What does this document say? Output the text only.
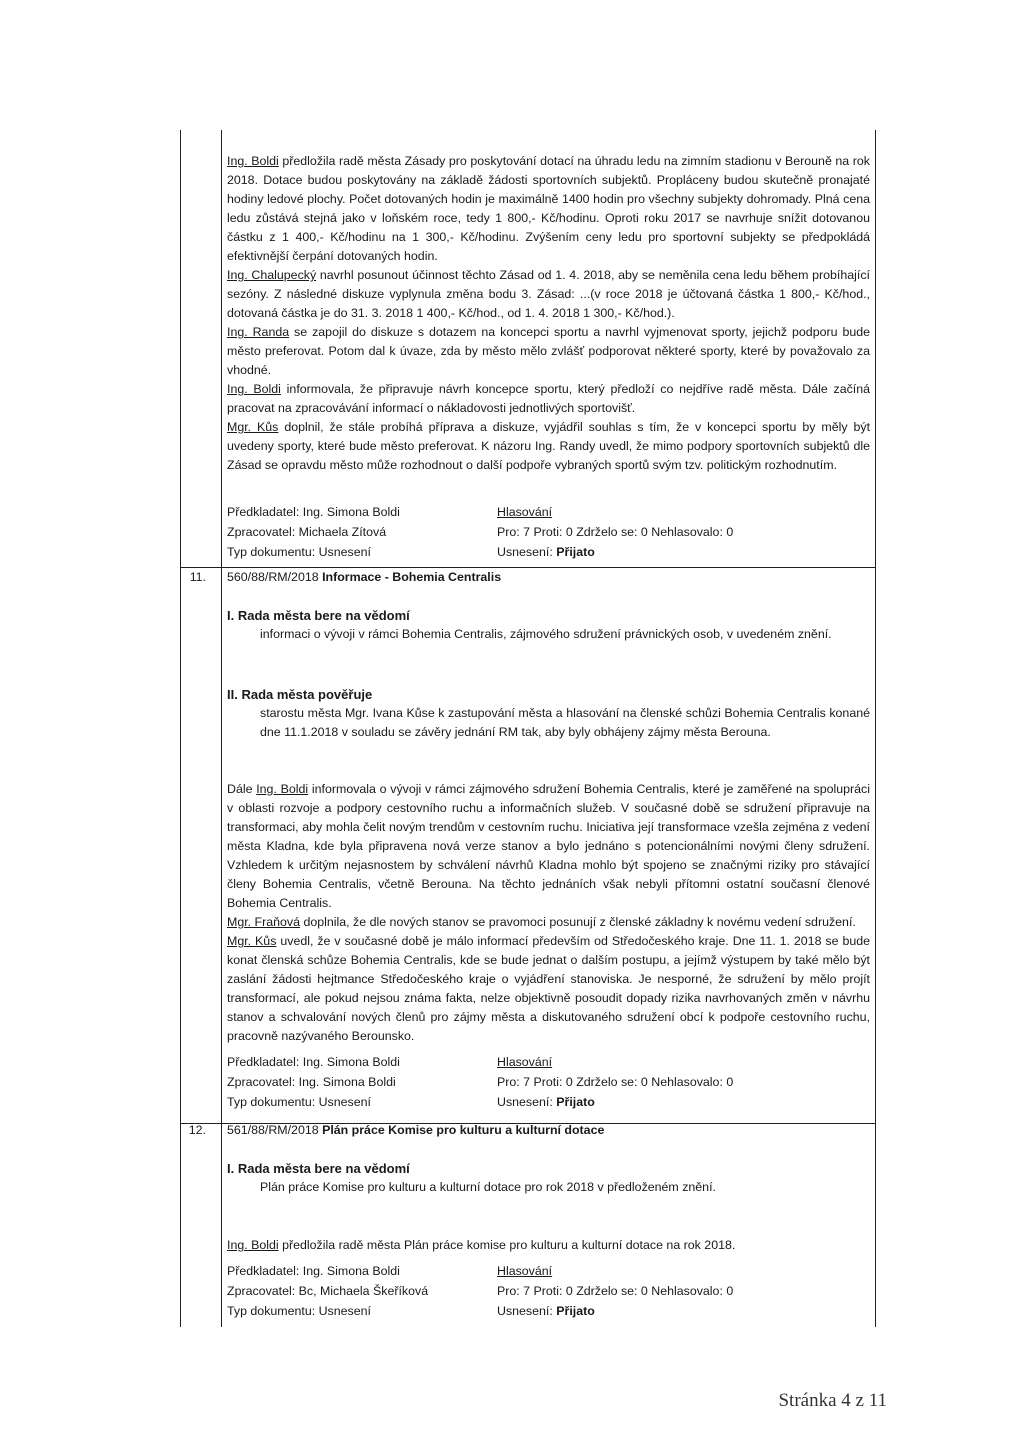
Ing. Boldi předložila radě města Zásady pro poskytování dotací na úhradu ledu na zimním stadionu v Berouně na rok 2018. Dotace budou poskytovány na základě žádosti sportovních subjektů. Propláceny budou skutečně pronajaté hodiny ledové plochy. Počet dotovaných hodin je maximálně 1400 hodin pro všechny subjekty dohromady. Plná cena ledu zůstává stejná jako v loňském roce, tedy 1 800,- Kč/hodinu. Oproti roku 2017 se navrhuje snížit dotovanou částku z 1 400,- Kč/hodinu na 1 300,- Kč/hodinu. Zvýšením ceny ledu pro sportovní subjekty se předpokládá efektivnější čerpání dotovaných hodin.

Ing. Chalupecký navrhl posunout účinnost těchto Zásad od 1. 4. 2018, aby se neměnila cena ledu během probíhající sezóny. Z následné diskuze vyplynula změna bodu 3. Zásad: ...(v roce 2018 je účtovaná částka 1 800,- Kč/hod., dotovaná částka je do 31. 3. 2018 1 400,- Kč/hod., od 1. 4. 2018 1 300,- Kč/hod.).

Ing. Randa se zapojil do diskuze s dotazem na koncepci sportu a navrhl vyjmenovat sporty, jejichž podporu bude město preferovat. Potom dal k úvaze, zda by město mělo zvlášť podporovat některé sporty, které by považovalo za vhodné.

Ing. Boldi informovala, že připravuje návrh koncepce sportu, který předloží co nejdříve radě města. Dále začíná pracovat na zpracovávání informací o nákladovosti jednotlivých sportovišť.

Mgr. Kůs doplnil, že stále probíhá příprava a diskuze, vyjádřil souhlas s tím, že v koncepci sportu by měly být uvedeny sporty, které bude město preferovat. K názoru Ing. Randy uvedl, že mimo podpory sportovních subjektů dle Zásad se opravdu město může rozhodnout o další podpoře vybraných sportů svým tzv. politickým rozhodnutím.

Předkladatel: Ing. Simona Boldi	Hlasování
Zpracovatel: Michaela Zítová	Pro: 7 Proti: 0 Zdrželo se: 0 Nehlasovalo: 0
Typ dokumentu: Usnesení	Usnesení: Přijato
11. 560/88/RM/2018 Informace - Bohemia Centralis
I. Rada města bere na vědomí
informaci o vývoji v rámci Bohemia Centralis, zájmového sdružení právnických osob, v uvedeném znění.
II. Rada města pověřuje
starostu města Mgr. Ivana Kůse k zastupování města a hlasování na členské schůzi Bohemia Centralis konané dne 11.1.2018 v souladu se závěry jednání RM tak, aby byly obhájeny zájmy města Berouna.

Dále Ing. Boldi informovala o vývoji v rámci zájmového sdružení Bohemia Centralis, které je zaměřené na spolupráci v oblasti rozvoje a podpory cestovního ruchu a informačních služeb. V současné době se sdružení připravuje na transformaci, aby mohla čelit novým trendům v cestovním ruchu. Iniciativa její transformace vzešla zejména z vedení města Kladna, kde byla připravena nová verze stanov a bylo jednáno s potencionálními novými členy sdružení. Vzhledem k určitým nejasnostem by schválení návrhů Kladna mohlo být spojeno se značnými riziky pro stávající členy Bohemia Centralis, včetně Berouna. Na těchto jednáních však nebyli přítomni ostatní současní členové Bohemia Centralis.

Mgr. Fraňová doplnila, že dle nových stanov se pravomoci posunují z členské základny k novému vedení sdružení.

Mgr. Kůs uvedl, že v současné době je málo informací především od Středočeského kraje. Dne 11. 1. 2018 se bude konat členská schůze Bohemia Centralis, kde se bude jednat o dalším postupu, a jejímž výstupem by také mělo být zaslání žádosti hejtmance Středočeského kraje o vyjádření stanoviska. Je nesporné, že sdružení by mělo projít transformací, ale pokud nejsou známa fakta, nelze objektivně posoudit dopady rizika navrhovaných změn v návrhu stanov a schvalování nových členů pro zájmy města a diskutovaného sdružení obcí k podpoře cestovního ruchu, pracovně nazývaného Berounsko.

Předkladatel: Ing. Simona Boldi	Hlasování
Zpracovatel: Ing. Simona Boldi	Pro: 7 Proti: 0 Zdrželo se: 0 Nehlasovalo: 0
Typ dokumentu: Usnesení	Usnesení: Přijato
12. 561/88/RM/2018 Plán práce Komise pro kulturu a kulturní dotace
I. Rada města bere na vědomí
Plán práce Komise pro kulturu a kulturní dotace pro rok 2018 v předloženém znění.

Ing. Boldi předložila radě města Plán práce komise pro kulturu a kulturní dotace na rok 2018.

Předkladatel: Ing. Simona Boldi	Hlasování
Zpracovatel: Bc, Michaela Škeříková	Pro: 7 Proti: 0 Zdrželo se: 0 Nehlasovalo: 0
Typ dokumentu: Usnesení	Usnesení: Přijato
Stránka 4 z 11
